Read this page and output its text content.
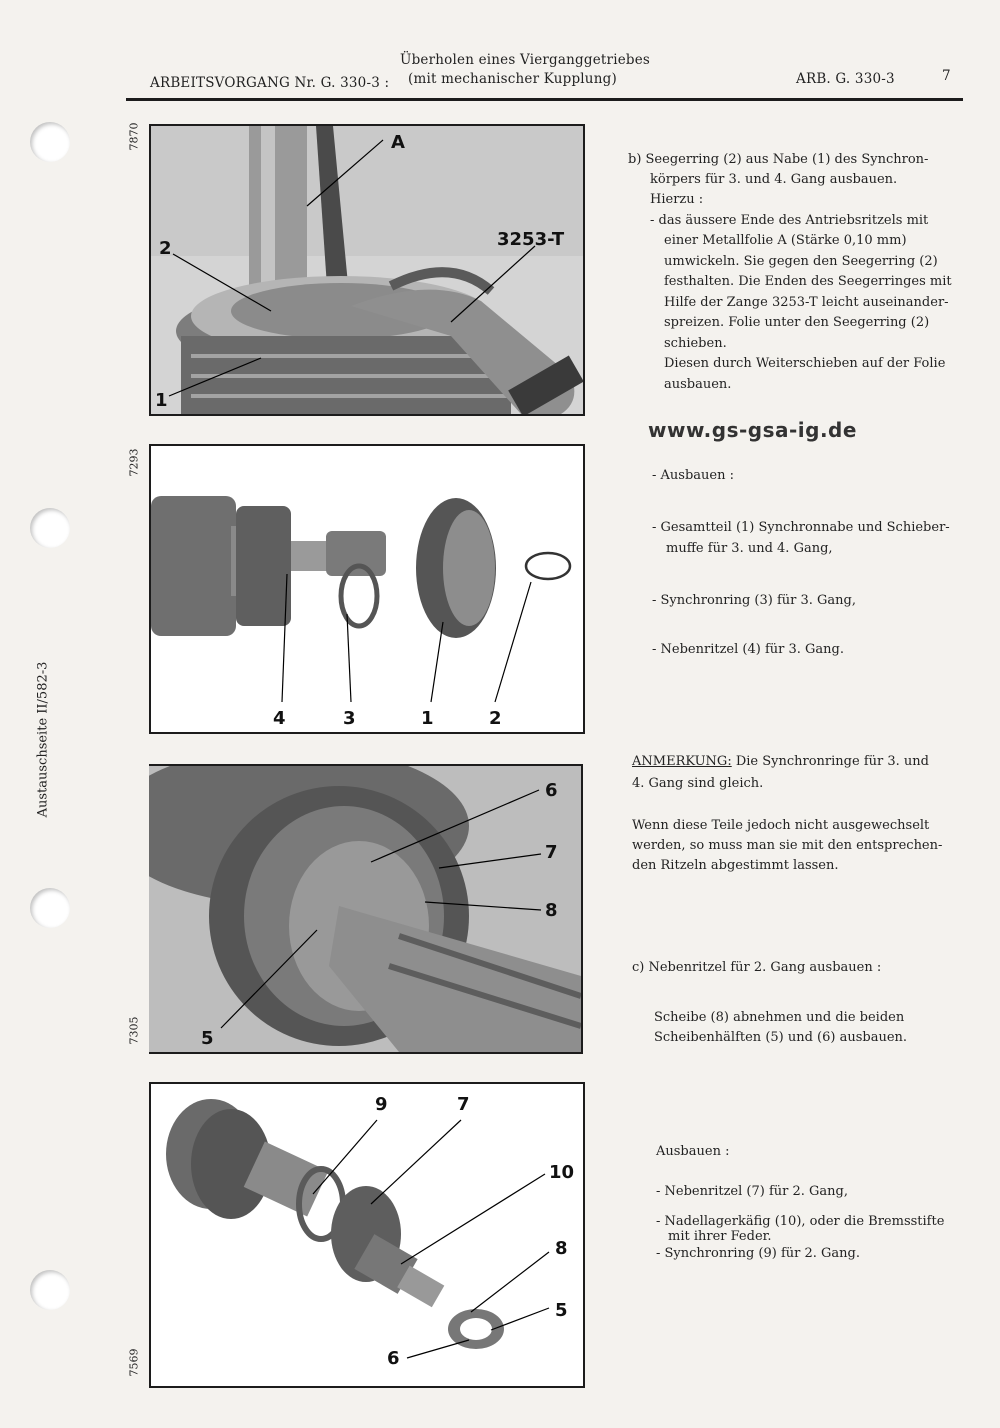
ARBEITSVORGANG Nr. G. 330-3 :
Überholen eines Vierganggetriebes
(mit mechanischer Kupplung)	ARB. G. 330-3	7
Austauschseite II/582-3
7870	A
2	3253-T
1
7293
4	3	1	2
7305
6
7
8
5
7569
9	7
10
8
5
6
b) Seegerring (2) aus Nabe (1) des Synchron-
körpers für 3. und 4. Gang ausbauen.
Hierzu :
- das äussere Ende des Antriebsritzels mit
einer Metallfolie A (Stärke 0,10 mm)
umwickeln. Sie gegen den Seegerring (2)
festhalten. Die Enden des Seegerringes mit
Hilfe der Zange 3253-T leicht auseinander-
spreizen. Folie unter den Seegerring (2)
schieben.
Diesen durch Weiterschieben auf der Folie
ausbauen.
www.gs-gsa-ig.de
- Ausbauen :
- Gesamtteil (1) Synchronnabe und Schieber-
muffe für 3. und 4. Gang,
- Synchronring (3) für 3. Gang,
- Nebenritzel (4) für 3. Gang.
ANMERKUNG: Die Synchronringe für 3. und
4. Gang sind gleich.
Wenn diese Teile jedoch nicht ausgewechselt
werden, so muss man sie mit den entsprechen-
den Ritzeln abgestimmt lassen.
c) Nebenritzel für 2. Gang ausbauen :
Scheibe (8) abnehmen und die beiden
Scheibenhälften (5) und (6) ausbauen.
Ausbauen :
- Nebenritzel (7) für 2. Gang,
- Nadellagerkäfig (10), oder die Bremsstifte
mit ihrer Feder.
- Synchronring (9) für 2. Gang.
